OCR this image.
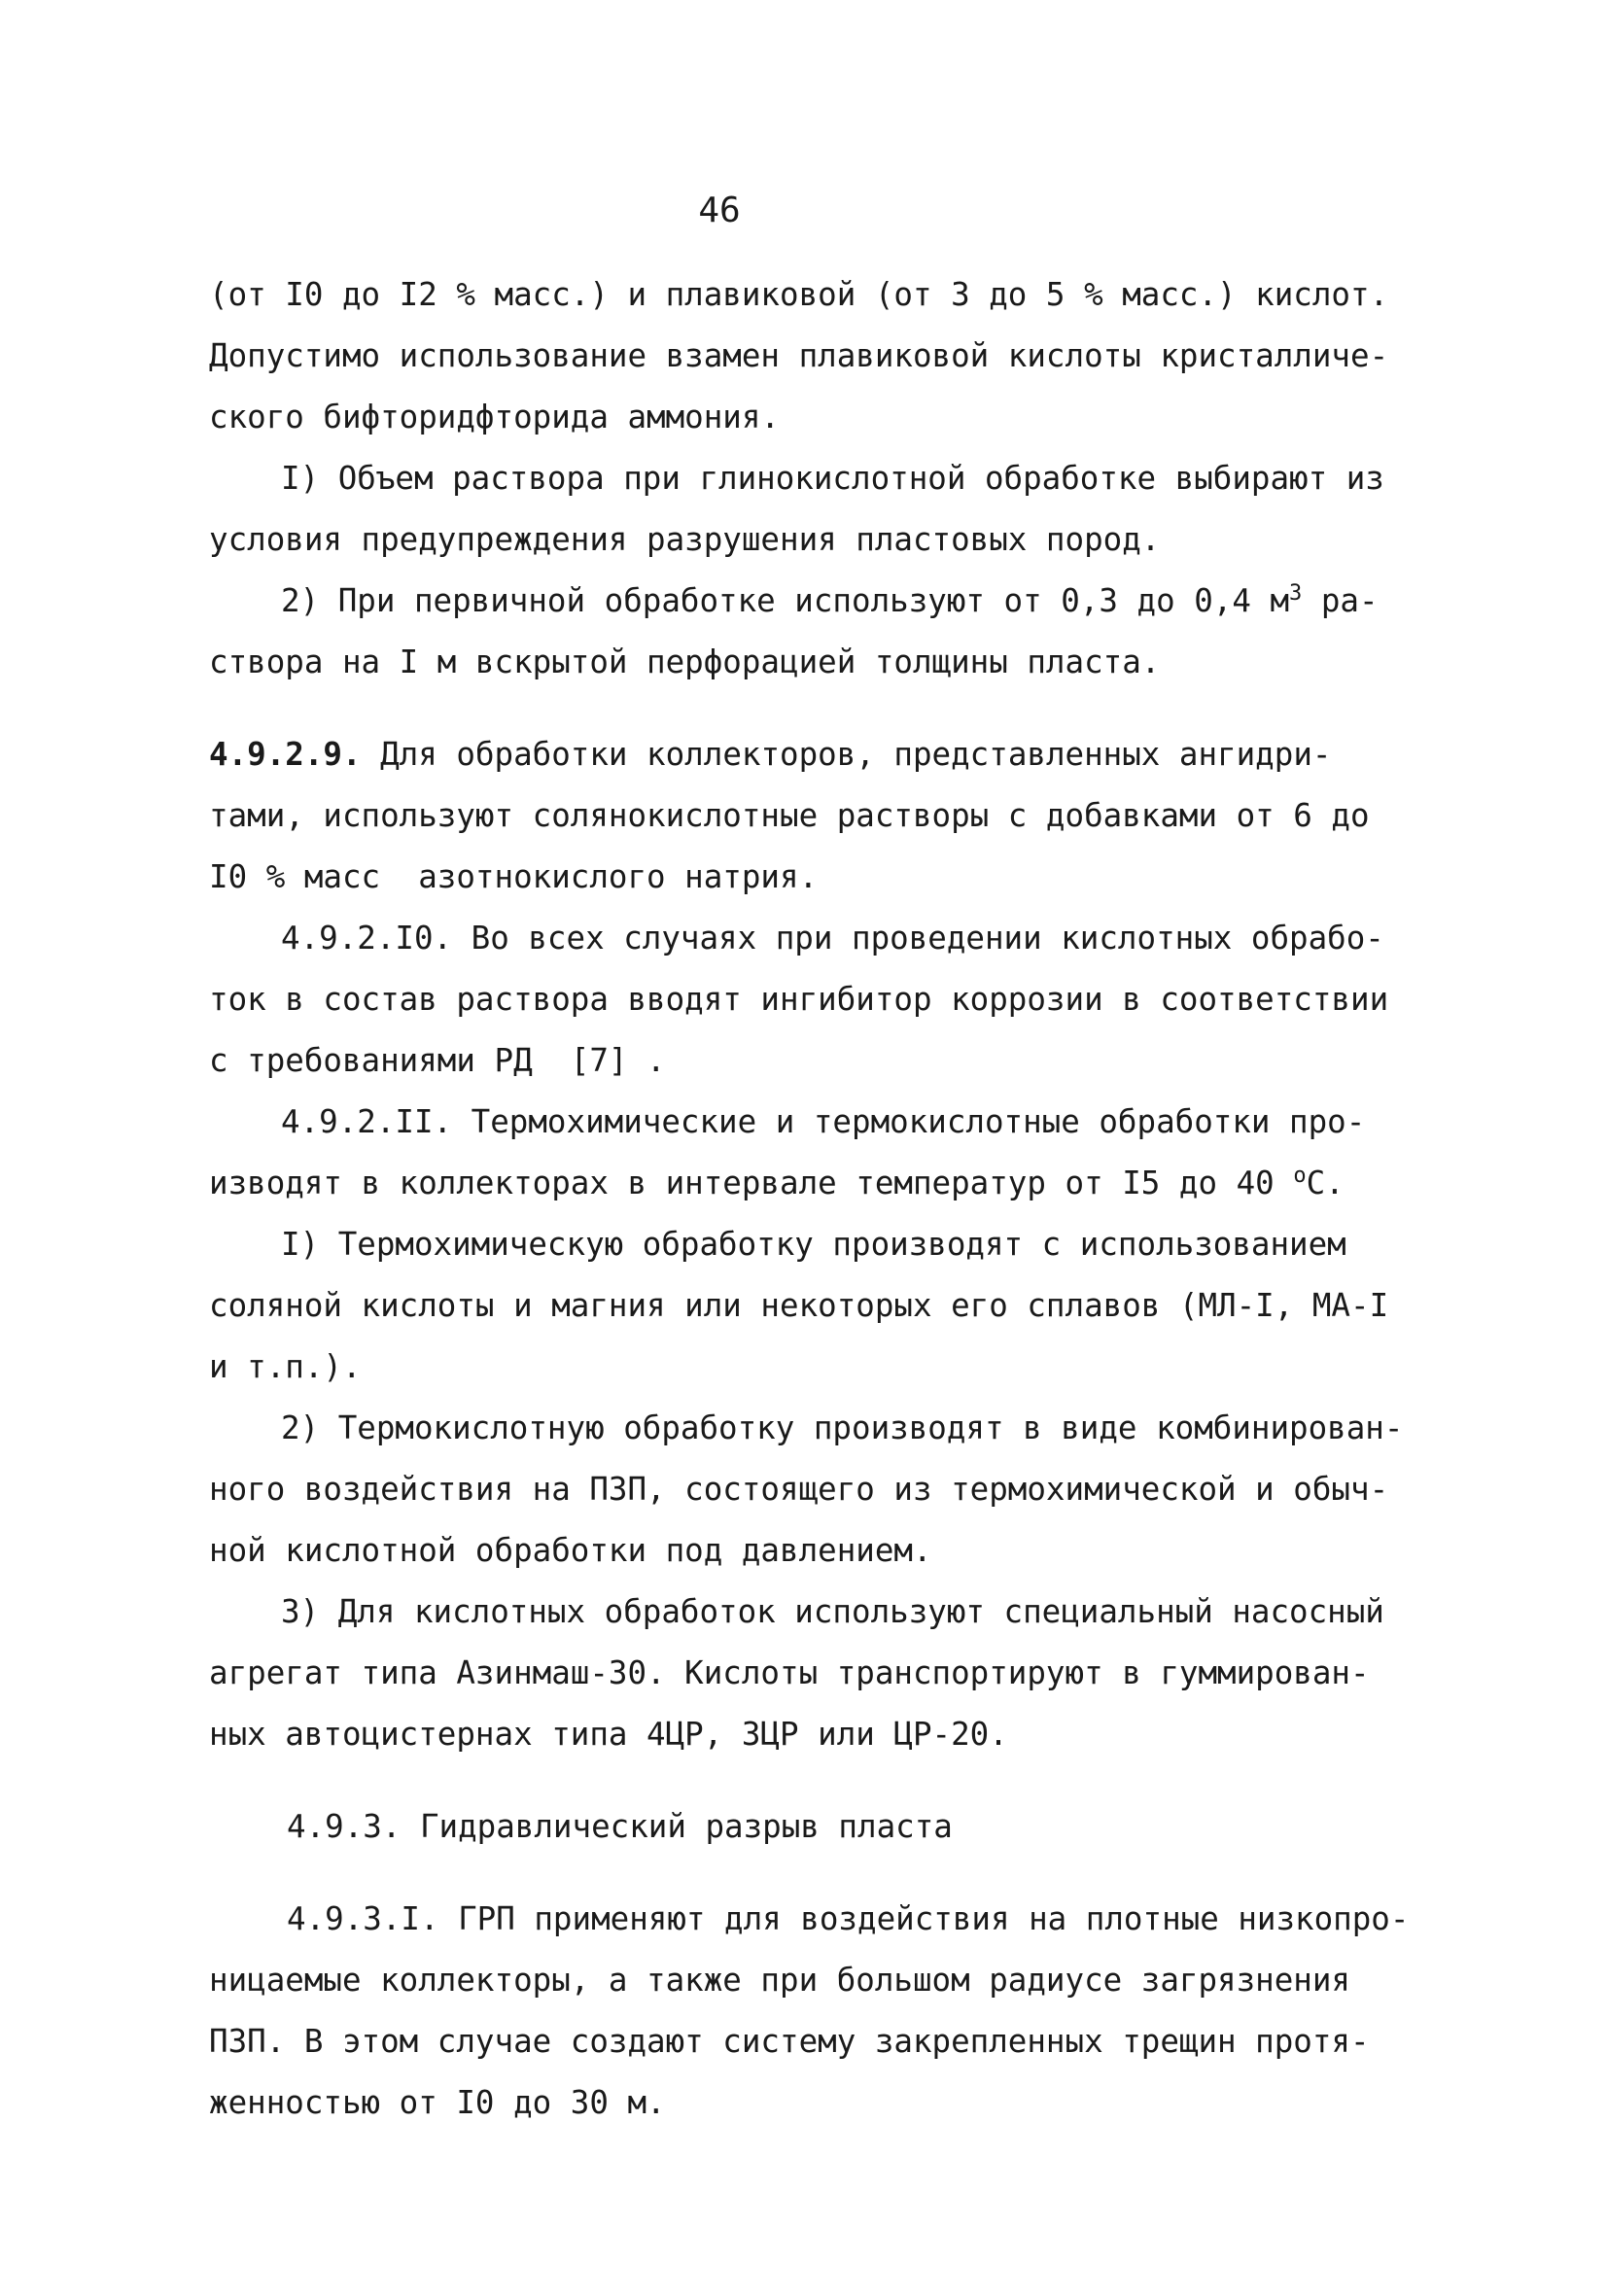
46
(от I0 до I2 % масс.) и плавиковой (от 3 до 5 % масс.) кислот.
Допустимо использование взамен плавиковой кислоты кристалличе-
ского бифторидфторида аммония.
I) Объем раствора при глинокислотной обработке выбирают из
условия предупреждения разрушения пластовых пород.
2) При первичной обработке используют от 0,3 до 0,4 $м^3$ ра-
створа на I м вскрытой перфорацией толщины пласта.
4.9.2.9. Для обработки коллекторов, представленных ангидри-
тами, используют солянокислотные растворы с добавками от 6 до
I0 % масс  азотнокислого натрия.
4.9.2.I0. Во всех случаях при проведении кислотных обрабо-
ток в состав раствора вводят ингибитор коррозии в соответствии
с требованиями РД  [7] .
4.9.2.II. Термохимические и термокислотные обработки про-
изводят в коллекторах в интервале температур от I5 до 40 $^о$С.
I) Термохимическую обработку производят с использованием
соляной кислоты и магния или некоторых его сплавов (МЛ-I, МА-I
и т.п.).
2) Термокислотную обработку производят в виде комбинирован-
ного воздействия на ПЗП, состоящего из термохимической и обыч-
ной кислотной обработки под давлением.
3) Для кислотных обработок используют специальный насосный
агрегат типа Азинмаш-30. Кислоты транспортируют в гуммирован-
ных автоцистернах типа 4ЦР, 3ЦР или ЦР-20.
4.9.3. Гидравлический разрыв пласта
4.9.3.I. ГРП применяют для воздействия на плотные низкопро-
ницаемые коллекторы, а также при большом радиусе загрязнения
ПЗП. В этом случае создают систему закрепленных трещин протя-
женностью от I0 до 30 м.
